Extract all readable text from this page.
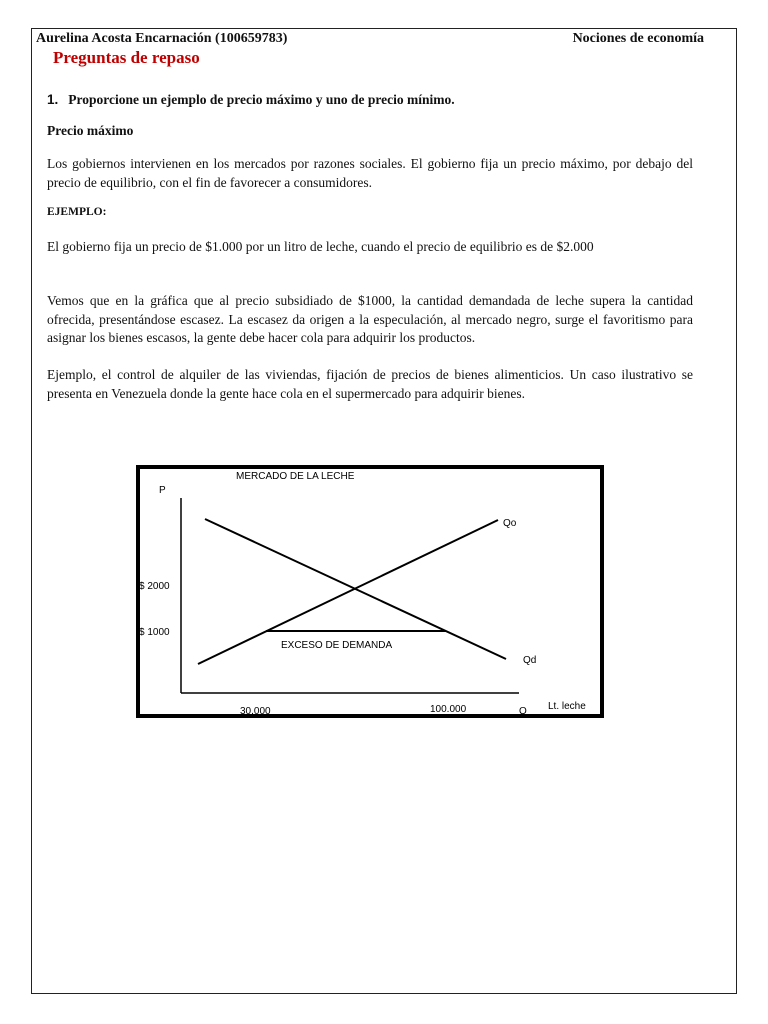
Aurelina Acosta Encarnación (100659783)	Nociones de economía
Preguntas de repaso
1. Proporcione un ejemplo de precio máximo y uno de precio mínimo.
Precio máximo

Los gobiernos intervienen en los mercados por razones sociales. El gobierno fija un precio máximo, por debajo del precio de equilibrio, con el fin de favorecer a consumidores.

EJEMPLO:

El gobierno fija un precio de $1.000 por un litro de leche, cuando el precio de equilibrio es de $2.000

Vemos que en la gráfica que al precio subsidiado de $1000, la cantidad demandada de leche supera la cantidad ofrecida, presentándose escasez. La escasez da origen a la especulación, al mercado negro, surge el favoritismo para asignar los bienes escasos, la gente debe hacer cola para adquirir los productos.

Ejemplo, el control de alquiler de las viviendas, fijación de precios de bienes alimenticios. Un caso ilustrativo se presenta en Venezuela donde la gente hace cola en el supermercado para adquirir bienes.

MERCADO DE LA LECHE
P
$ 2000
$ 1000
Qo
Qd
EXCESO DE DEMANDA
30.000	100.000	Q Lt. leche
